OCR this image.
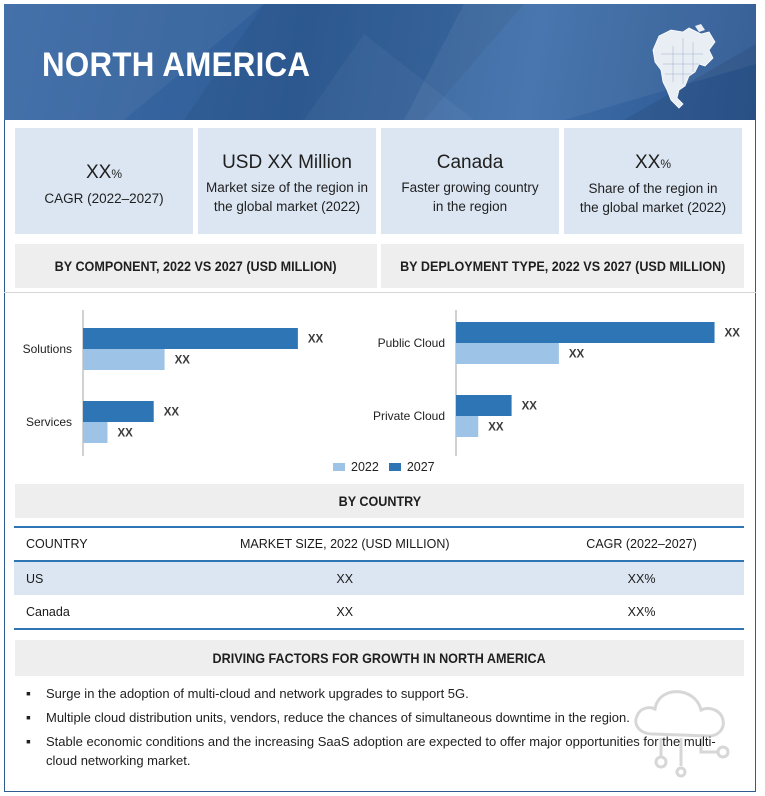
NORTH AMERICA
XX%
CAGR (2022–2027)
USD XX Million
Market size of the region in
the global market (2022)
Canada
Faster growing country
in the region
XX%
Share of the region in
the global market (2022)
BY COMPONENT, 2022 VS 2027 (USD MILLION)	BY DEPLOYMENT TYPE, 2022 VS 2027 (USD MILLION)
Solutions
XX
XX
Services
XX
XX
Public Cloud
XX
XX
Private Cloud
XX
XX
2022 2027
BY COUNTRY
COUNTRY	MARKET SIZE, 2022 (USD MILLION)	CAGR (2022–2027)
US	XX	XX%
Canada	XX	XX%
DRIVING FACTORS FOR GROWTH IN NORTH AMERICA
▪ Surge in the adoption of multi-cloud and network upgrades to support 5G.
▪ Multiple cloud distribution units, vendors, reduce the chances of simultaneous downtime in the region.
▪ Stable economic conditions and the increasing SaaS adoption are expected to offer major opportunities for the multi-cloud networking market.
